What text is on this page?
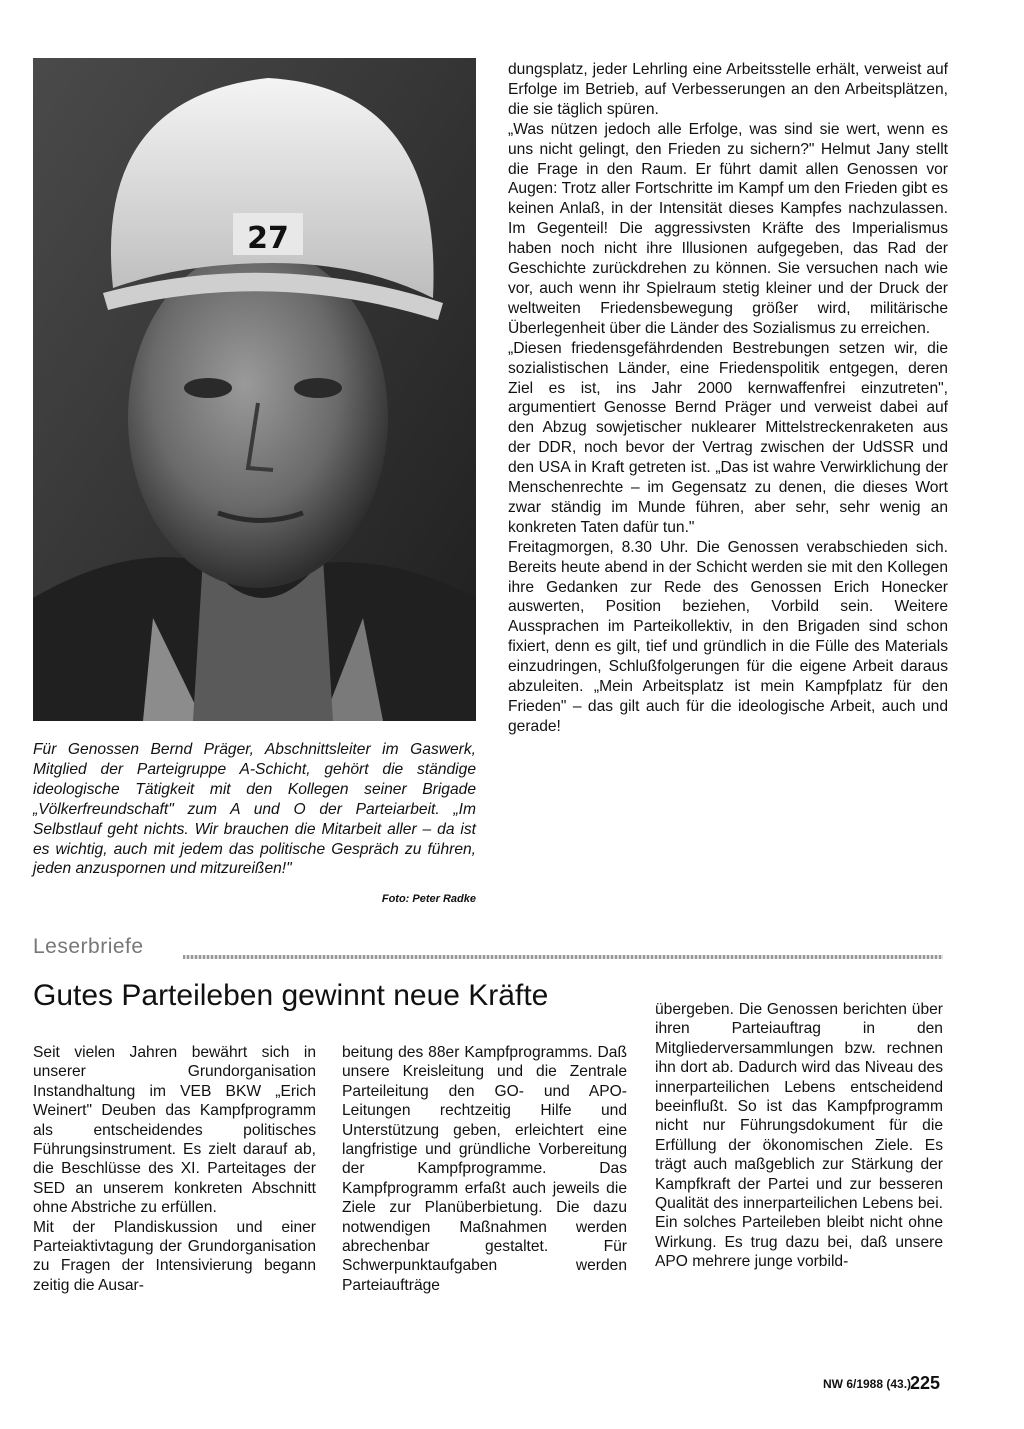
27
Für Genossen Bernd Präger, Abschnittsleiter im Gaswerk, Mitglied der Parteigruppe A-Schicht, gehört die ständige ideologische Tätigkeit mit den Kollegen seiner Brigade „Völkerfreundschaft" zum A und O der Parteiarbeit. „Im Selbstlauf geht nichts. Wir brauchen die Mitarbeit aller – da ist es wichtig, auch mit jedem das politische Gespräch zu führen, jeden anzuspornen und mitzureißen!"
Foto: Peter Radke

dungsplatz, jeder Lehrling eine Arbeitsstelle erhält, verweist auf Erfolge im Betrieb, auf Verbesserungen an den Arbeitsplätzen, die sie täglich spüren.

„Was nützen jedoch alle Erfolge, was sind sie wert, wenn es uns nicht gelingt, den Frieden zu sichern?" Helmut Jany stellt die Frage in den Raum. Er führt damit allen Genossen vor Augen: Trotz aller Fortschritte im Kampf um den Frieden gibt es keinen Anlaß, in der Intensität dieses Kampfes nachzulassen. Im Gegenteil! Die aggressivsten Kräfte des Imperialismus haben noch nicht ihre Illusionen aufgegeben, das Rad der Geschichte zurückdrehen zu können. Sie versuchen nach wie vor, auch wenn ihr Spielraum stetig kleiner und der Druck der weltweiten Friedensbewegung größer wird, militärische Überlegenheit über die Länder des Sozialismus zu erreichen.

„Diesen friedensgefährdenden Bestrebungen setzen wir, die sozialistischen Länder, eine Friedenspolitik entgegen, deren Ziel es ist, ins Jahr 2000 kernwaffenfrei einzutreten", argumentiert Genosse Bernd Präger und verweist dabei auf den Abzug sowjetischer nuklearer Mittelstreckenraketen aus der DDR, noch bevor der Vertrag zwischen der UdSSR und den USA in Kraft getreten ist. „Das ist wahre Verwirklichung der Menschenrechte – im Gegensatz zu denen, die dieses Wort zwar ständig im Munde führen, aber sehr, sehr wenig an konkreten Taten dafür tun."

Freitagmorgen, 8.30 Uhr. Die Genossen verabschieden sich. Bereits heute abend in der Schicht werden sie mit den Kollegen ihre Gedanken zur Rede des Genossen Erich Honecker auswerten, Position beziehen, Vorbild sein. Weitere Aussprachen im Parteikollektiv, in den Brigaden sind schon fixiert, denn es gilt, tief und gründlich in die Fülle des Materials einzudringen, Schlußfolgerungen für die eigene Arbeit daraus abzuleiten. „Mein Arbeitsplatz ist mein Kampfplatz für den Frieden" – das gilt auch für die ideologische Arbeit, auch und gerade!

Leserbriefe
Gutes Parteileben gewinnt neue Kräfte

Seit vielen Jahren bewährt sich in unserer Grundorganisation Instandhaltung im VEB BKW „Erich Weinert" Deuben das Kampfprogramm als entscheidendes politisches Führungsinstrument. Es zielt darauf ab, die Beschlüsse des XI. Parteitages der SED an unserem konkreten Abschnitt ohne Abstriche zu erfüllen.

Mit der Plandiskussion und einer Parteiaktivtagung der Grundorganisation zu Fragen der Intensivierung begann zeitig die Ausar-

beitung des 88er Kampfprogramms. Daß unsere Kreisleitung und die Zentrale Parteileitung den GO- und APO-Leitungen rechtzeitig Hilfe und Unterstützung geben, erleichtert eine langfristige und gründliche Vorbereitung der Kampfprogramme. Das Kampfprogramm erfaßt auch jeweils die Ziele zur Planüberbietung. Die dazu notwendigen Maßnahmen werden abrechenbar gestaltet. Für Schwerpunktaufgaben werden Parteiaufträge

übergeben. Die Genossen berichten über ihren Parteiauftrag in den Mitgliederversammlungen bzw. rechnen ihn dort ab. Dadurch wird das Niveau des innerparteilichen Lebens entscheidend beeinflußt. So ist das Kampfprogramm nicht nur Führungsdokument für die Erfüllung der ökonomischen Ziele. Es trägt auch maßgeblich zur Stärkung der Kampfkraft der Partei und zur besseren Qualität des innerparteilichen Lebens bei. Ein solches Parteileben bleibt nicht ohne Wirkung. Es trug dazu bei, daß unsere APO mehrere junge vorbild-

NW 6/1988 (43.)
225
